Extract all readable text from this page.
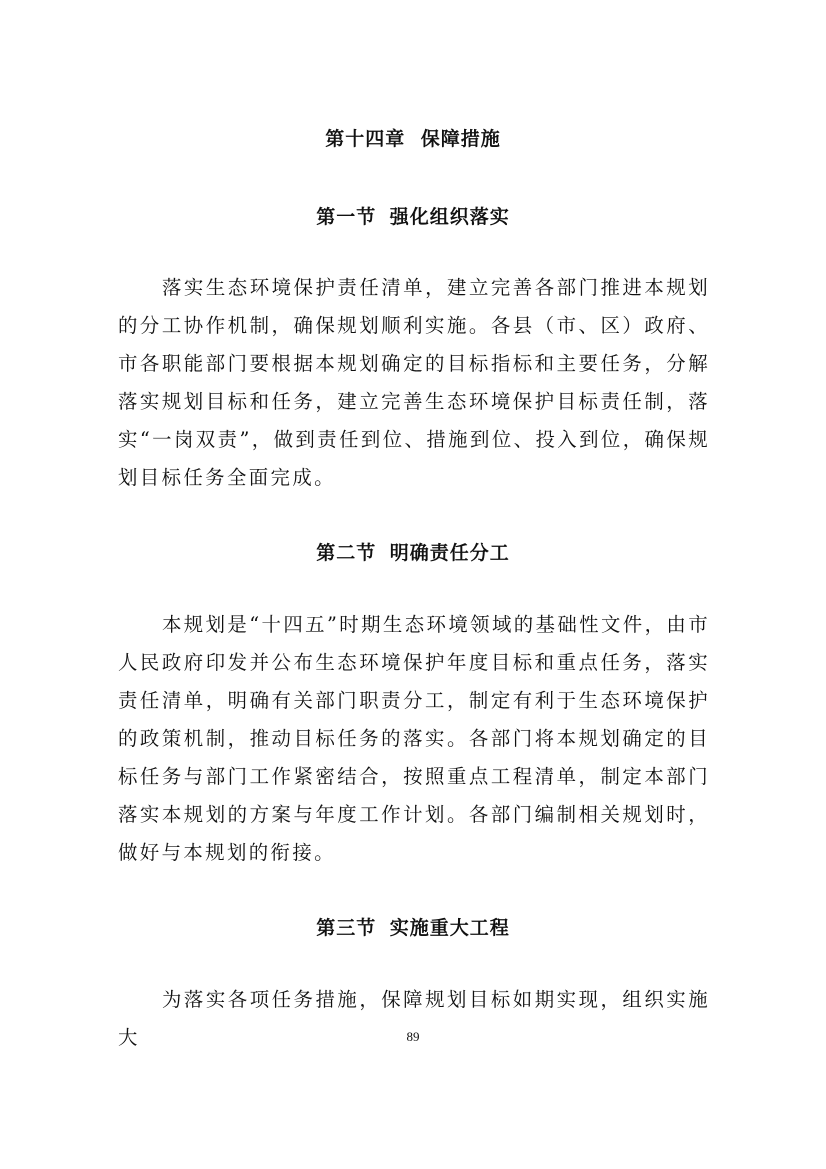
第十四章 保障措施
第一节 强化组织落实

落实生态环境保护责任清单，建立完善各部门推进本规划的分工协作机制，确保规划顺利实施。各县（市、区）政府、市各职能部门要根据本规划确定的目标指标和主要任务，分解落实规划目标和任务，建立完善生态环境保护目标责任制，落实“一岗双责”，做到责任到位、措施到位、投入到位，确保规划目标任务全面完成。

第二节 明确责任分工

本规划是“十四五”时期生态环境领域的基础性文件，由市人民政府印发并公布生态环境保护年度目标和重点任务，落实责任清单，明确有关部门职责分工，制定有利于生态环境保护的政策机制，推动目标任务的落实。各部门将本规划确定的目标任务与部门工作紧密结合，按照重点工程清单，制定本部门落实本规划的方案与年度工作计划。各部门编制相关规划时，做好与本规划的衔接。

第三节 实施重大工程

为落实各项任务措施，保障规划目标如期实现，组织实施大	89
